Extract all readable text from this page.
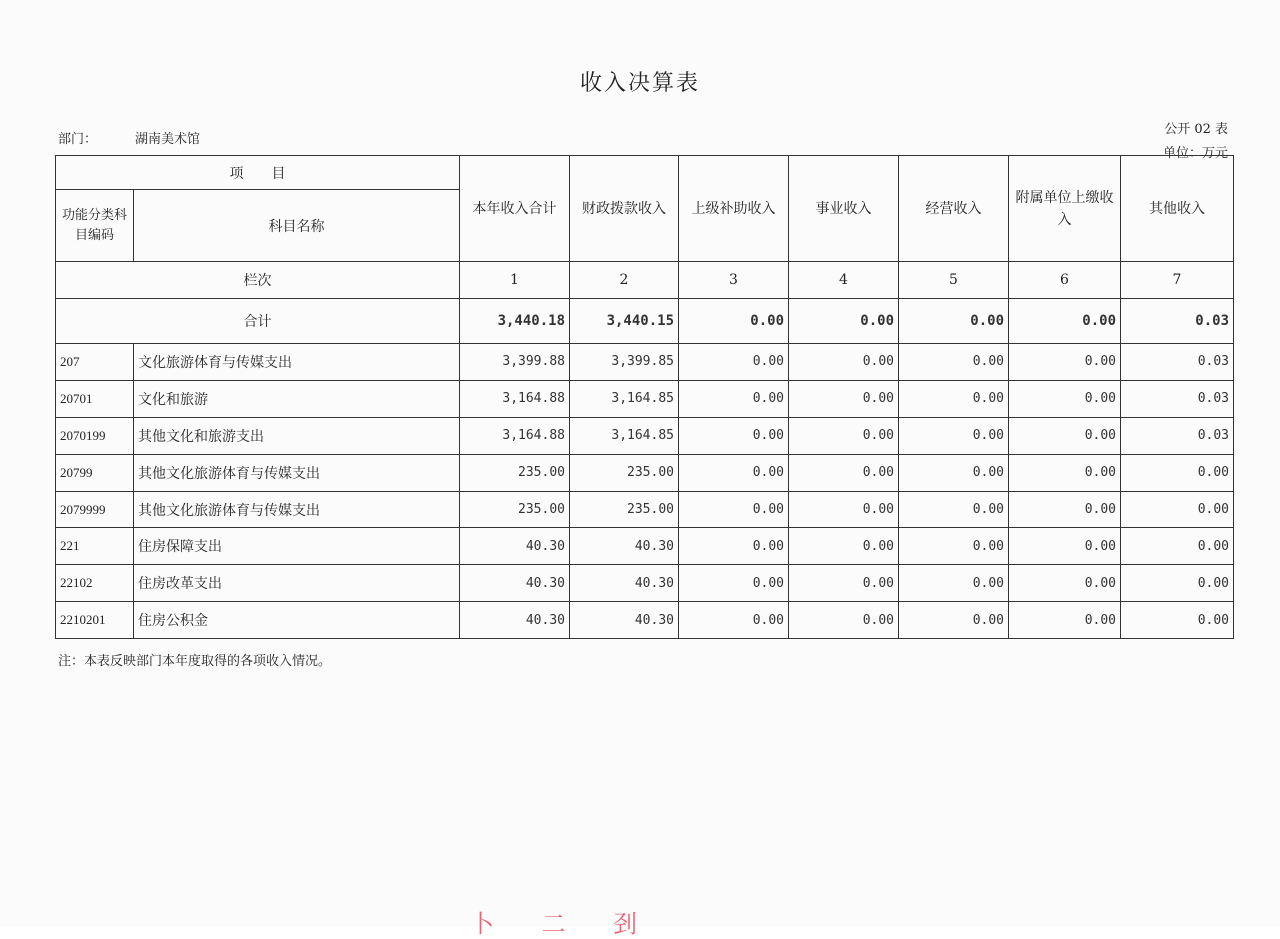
收入决算表
公开 02 表
部门：	湖南美术馆
单位：万元
项　　目		本年收入合计	财政拨款收入	上级补助收入	事业收入	经营收入	附属单位上缴收入	其他收入
功能分类科目编码	科目名称							
栏次		1	2	3	4	5	6	7
合计		3,440.18	3,440.15	0.00	0.00	0.00	0.00	0.03
207	文化旅游体育与传媒支出	3,399.88	3,399.85	0.00	0.00	0.00	0.00	0.03
20701	文化和旅游	3,164.88	3,164.85	0.00	0.00	0.00	0.00	0.03
2070199	其他文化和旅游支出	3,164.88	3,164.85	0.00	0.00	0.00	0.00	0.03
20799	其他文化旅游体育与传媒支出	235.00	235.00	0.00	0.00	0.00	0.00	0.00
2079999	其他文化旅游体育与传媒支出	235.00	235.00	0.00	0.00	0.00	0.00	0.00
221	住房保障支出	40.30	40.30	0.00	0.00	0.00	0.00	0.00
22102	住房改革支出	40.30	40.30	0.00	0.00	0.00	0.00	0.00
2210201	住房公积金	40.30	40.30	0.00	0.00	0.00	0.00	0.00
注：本表反映部门本年度取得的各项收入情况。
卜 二 刭
